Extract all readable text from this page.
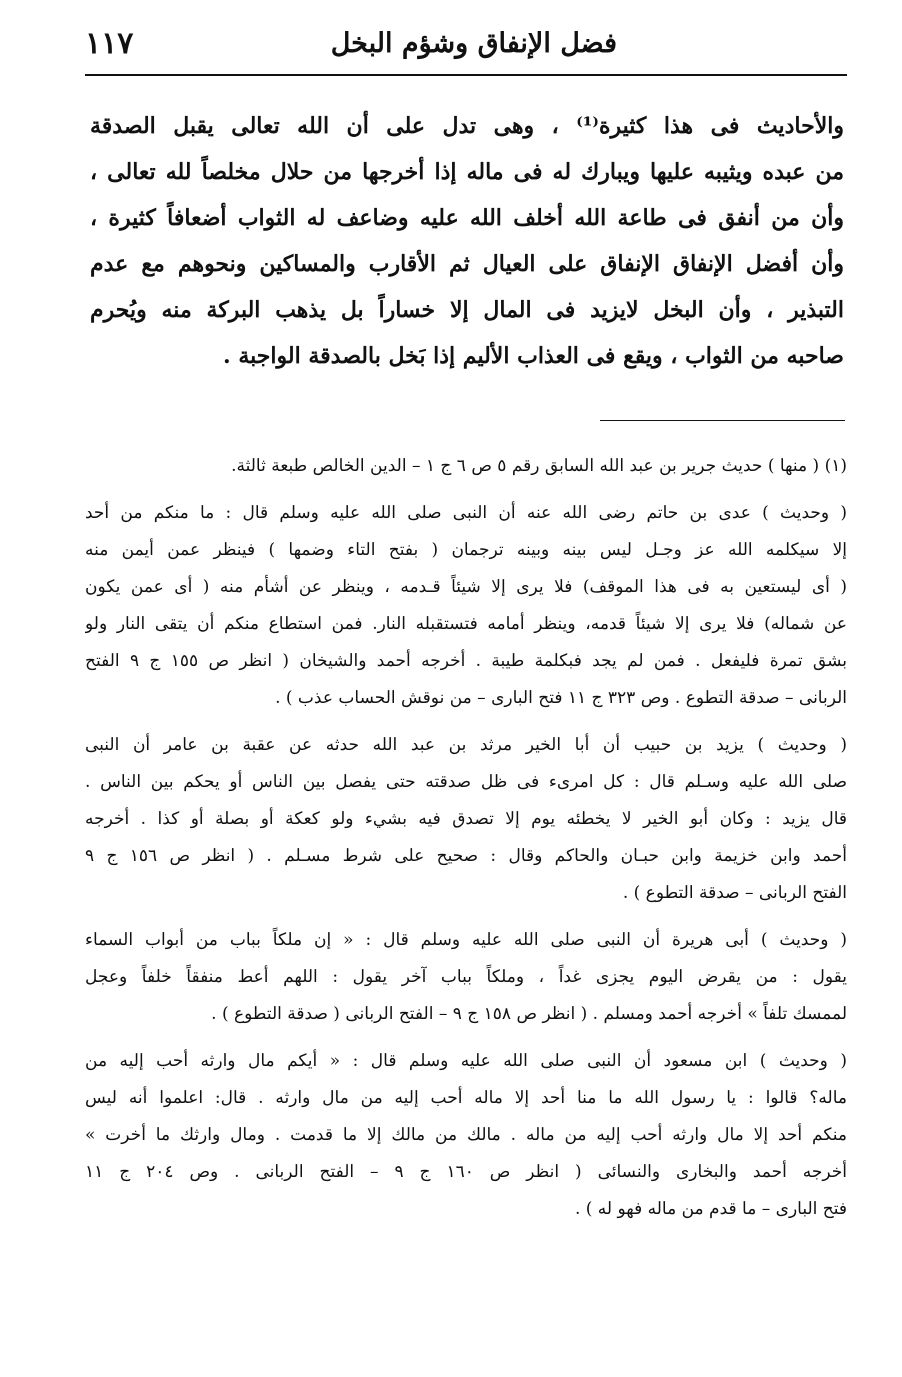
١١٧	فضل الإنفاق وشؤم البخل
والأحاديث فى هذا كثيرة⁽¹⁾ ، وهى تدل على أن الله تعالى يقبل الصدقة
من عبده ويثيبه عليها ويبارك له فى ماله إذا أخرجها من حلال مخلصاً لله تعالى ،
وأن من أنفق فى طاعة الله أخلف الله عليه وضاعف له الثواب أضعافاً كثيرة ،
وأن أفضل الإنفاق الإنفاق على العيال ثم الأقارب والمساكين ونحوهم مع عدم
التبذير ، وأن البخل لايزيد فى المال إلا خساراً بل يذهب البركة منه ويُحرم
صاحبه من الثواب ، ويقع فى العذاب الأليم إذا بَخل بالصدقة الواجبة .
(١) ( منها ) حديث جرير بن عبد الله السابق رقم ٥ ص ٦ ج ١ – الدين الخالص طبعة ثالثة.
( وحديث ) عدى بن حاتم رضى الله عنه أن النبى صلى الله عليه وسلم قال : ما منكم من أحد
إلا سيكلمه الله عز وجـل ليس بينه وبينه ترجمان ( بفتح التاء وضمها ) فينظر عمن أيمن منه
( أى ليستعين به فى هذا الموقف) فلا يرى إلا شيئاً قـدمه ، وينظر عن أشأم منه ( أى عمن يكون
عن شماله) فلا يرى إلا شيئاً قدمه، وينظر أمامه فتستقبله النار. فمن استطاع منكم أن يتقى النار ولو
بشق تمرة فليفعل . فمن لم يجد فبكلمة طيبة . أخرجه أحمد والشيخان ( انظر ص ١٥٥ ج ٩ الفتح
الربانى – صدقة التطوع . وص ٣٢٣ ج ١١ فتح البارى – من نوقش الحساب عذب ) .
( وحديث ) يزيد بن حبيب أن أبا الخير مرثد بن عبد الله حدثه عن عقبة بن عامر أن النبى
صلى الله عليه وسـلم قال : كل امرىء فى ظل صدقته حتى يفصل بين الناس أو يحكم بين الناس .
قال يزيد : وكان أبو الخير لا يخطئه يوم إلا تصدق فيه بشيء ولو كعكة أو بصلة أو كذا . أخرجه
أحمد وابن خزيمة وابن حبـان والحاكم وقال : صحيح على شرط مسـلم . ( انظر ص ١٥٦ ج ٩
الفتح الربانى – صدقة التطوع ) .
( وحديث ) أبى هريرة أن النبى صلى الله عليه وسلم قال : « إن ملكاً بباب من أبواب السماء
يقول : من يقرض اليوم يجزى غداً ، وملكاً بباب آخر يقول : اللهم أعط منفقاً خلفاً وعجل
لممسك تلفاً » أخرجه أحمد ومسلم . ( انظر ص ١٥٨ ج ٩ – الفتح الربانى ( صدقة التطوع ) .
( وحديث ) ابن مسعود أن النبى صلى الله عليه وسلم قال : « أيكم مال وارثه أحب إليه من
ماله؟ قالوا : يا رسول الله ما منا أحد إلا ماله أحب إليه من مال وارثه . قال: اعلموا أنه ليس
منكم أحد إلا مال وارثه أحب إليه من ماله . مالك من مالك إلا ما قدمت . ومال وارثك ما أخرت »
أخرجه أحمد والبخارى والنسائى ( انظر ص ١٦٠ ج ٩ – الفتح الربانى . وص ٢٠٤ ج ١١
فتح البارى – ما قدم من ماله فهو له ) .
